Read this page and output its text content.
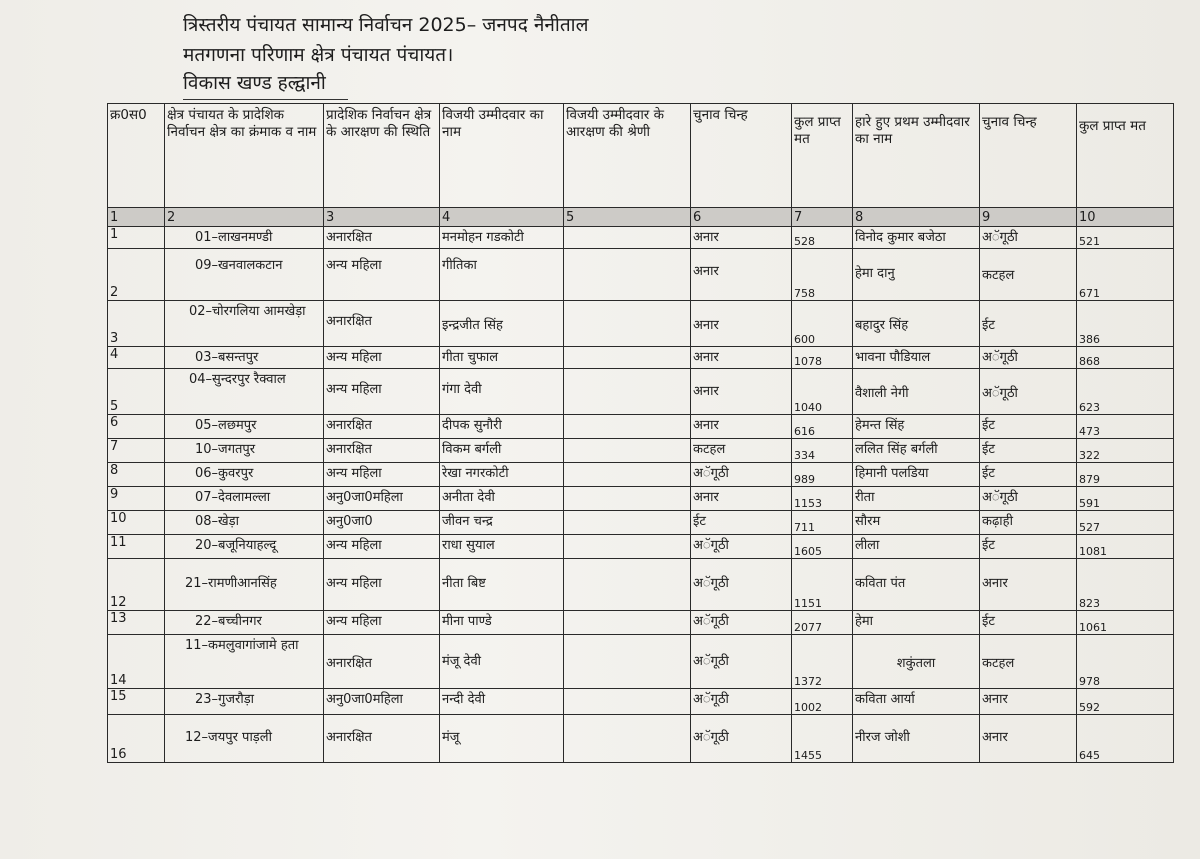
त्रिस्तरीय पंचायत सामान्य निर्वाचन 2025– जनपद नैनीताल
मतगणना परिणाम क्षेत्र पंचायत पंचायत।
विकास खण्ड हल्द्वानी
क्र0स0	क्षेत्र पंचायत के प्रादेशिक निर्वाचन क्षेत्र का क्रंमाक व नाम	प्रादेशिक निर्वाचन क्षेत्र के आरक्षण की स्थिति	विजयी उम्मीदवार का नाम	विजयी उम्मीदवार के आरक्षण की श्रेणी	चुनाव चिन्ह	कुल प्राप्त मत	हारे हुए प्रथम उम्मीदवार का नाम	चुनाव चिन्ह	कुल प्राप्त मत
1	2	3	4	5	6	7	8	9	10
1	01–लाखनमण्डी	अनारक्षित	मनमोहन गडकोटी		अनार	528	विनोद कुमार बजेठा	अॅगूठी	521
2	09–खनवालकटान	अन्य महिला	गीतिका		अनार	758	हेमा दानु	कटहल	671
3	02–चोरगलिया आमखेड़ा	अनारक्षित	इन्द्रजीत सिंह		अनार	600	बहादुर सिंह	ईट	386
4	03–बसन्तपुर	अन्य महिला	गीता चुफाल		अनार	1078	भावना पौडियाल	अॅगूठी	868
5	04–सुन्दरपुर रैक्वाल	अन्य महिला	गंगा देवी		अनार	1040	वैशाली नेगी	अॅगूठी	623
6	05–लछमपुर	अनारक्षित	दीपक सुनौरी		अनार	616	हेमन्त सिंह	ईट	473
7	10–जगतपुर	अनारक्षित	विकम बर्गली		कटहल	334	ललित सिंह बर्गली	ईट	322
8	06–कुवरपुर	अन्य महिला	रेखा नगरकोटी		अॅगूठी	989	हिमानी पलडिया	ईट	879
9	07–देवलामल्ला	अनु0जा0महिला	अनीता देवी		अनार	1153	रीता	अॅगूठी	591
10	08–खेड़ा	अनु0जा0	जीवन चन्द्र		ईट	711	सौरम	कढ़ाही	527
11	20–बजूनियाहल्दू	अन्य महिला	राधा सुयाल		अॅगूठी	1605	लीला	ईट	1081
12	21–रामणीआनसिंह	अन्य महिला	नीता बिष्ट		अॅगूठी	1151	कविता पंत	अनार	823
13	22–बच्चीनगर	अन्य महिला	मीना पाण्डे		अॅगूठी	2077	हेमा	ईट	1061
14	11–कमलुवागांजामे हता	अनारक्षित	मंजू देवी		अॅगूठी	1372	शकुंतला	कटहल	978
15	23–गुजरौड़ा	अनु0जा0महिला	नन्दी देवी		अॅगूठी	1002	कविता आर्या	अनार	592
16	12–जयपुर पाड़ली	अनारक्षित	मंजू		अॅगूठी	1455	नीरज जोशी	अनार	645
